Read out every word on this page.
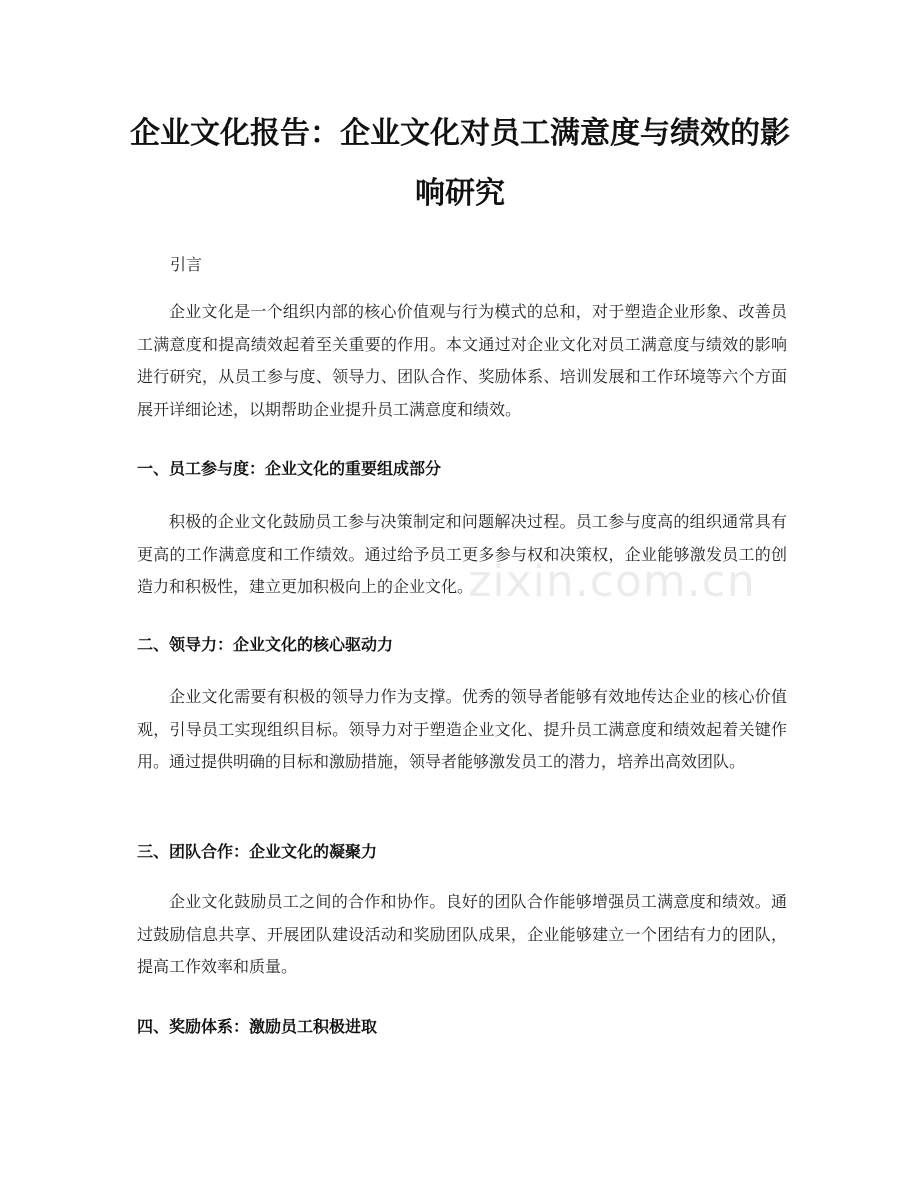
企业文化报告：企业文化对员工满意度与绩效的影响研究
引言
企业文化是一个组织内部的核心价值观与行为模式的总和，对于塑造企业形象、改善员工满意度和提高绩效起着至关重要的作用。本文通过对企业文化对员工满意度与绩效的影响进行研究，从员工参与度、领导力、团队合作、奖励体系、培训发展和工作环境等六个方面展开详细论述，以期帮助企业提升员工满意度和绩效。
一、员工参与度：企业文化的重要组成部分
积极的企业文化鼓励员工参与决策制定和问题解决过程。员工参与度高的组织通常具有更高的工作满意度和工作绩效。通过给予员工更多参与权和决策权，企业能够激发员工的创造力和积极性，建立更加积极向上的企业文化。
二、领导力：企业文化的核心驱动力
企业文化需要有积极的领导力作为支撑。优秀的领导者能够有效地传达企业的核心价值观，引导员工实现组织目标。领导力对于塑造企业文化、提升员工满意度和绩效起着关键作用。通过提供明确的目标和激励措施，领导者能够激发员工的潜力，培养出高效团队。
三、团队合作：企业文化的凝聚力
企业文化鼓励员工之间的合作和协作。良好的团队合作能够增强员工满意度和绩效。通过鼓励信息共享、开展团队建设活动和奖励团队成果，企业能够建立一个团结有力的团队，提高工作效率和质量。
四、奖励体系：激励员工积极进取
zixin.com.cn
